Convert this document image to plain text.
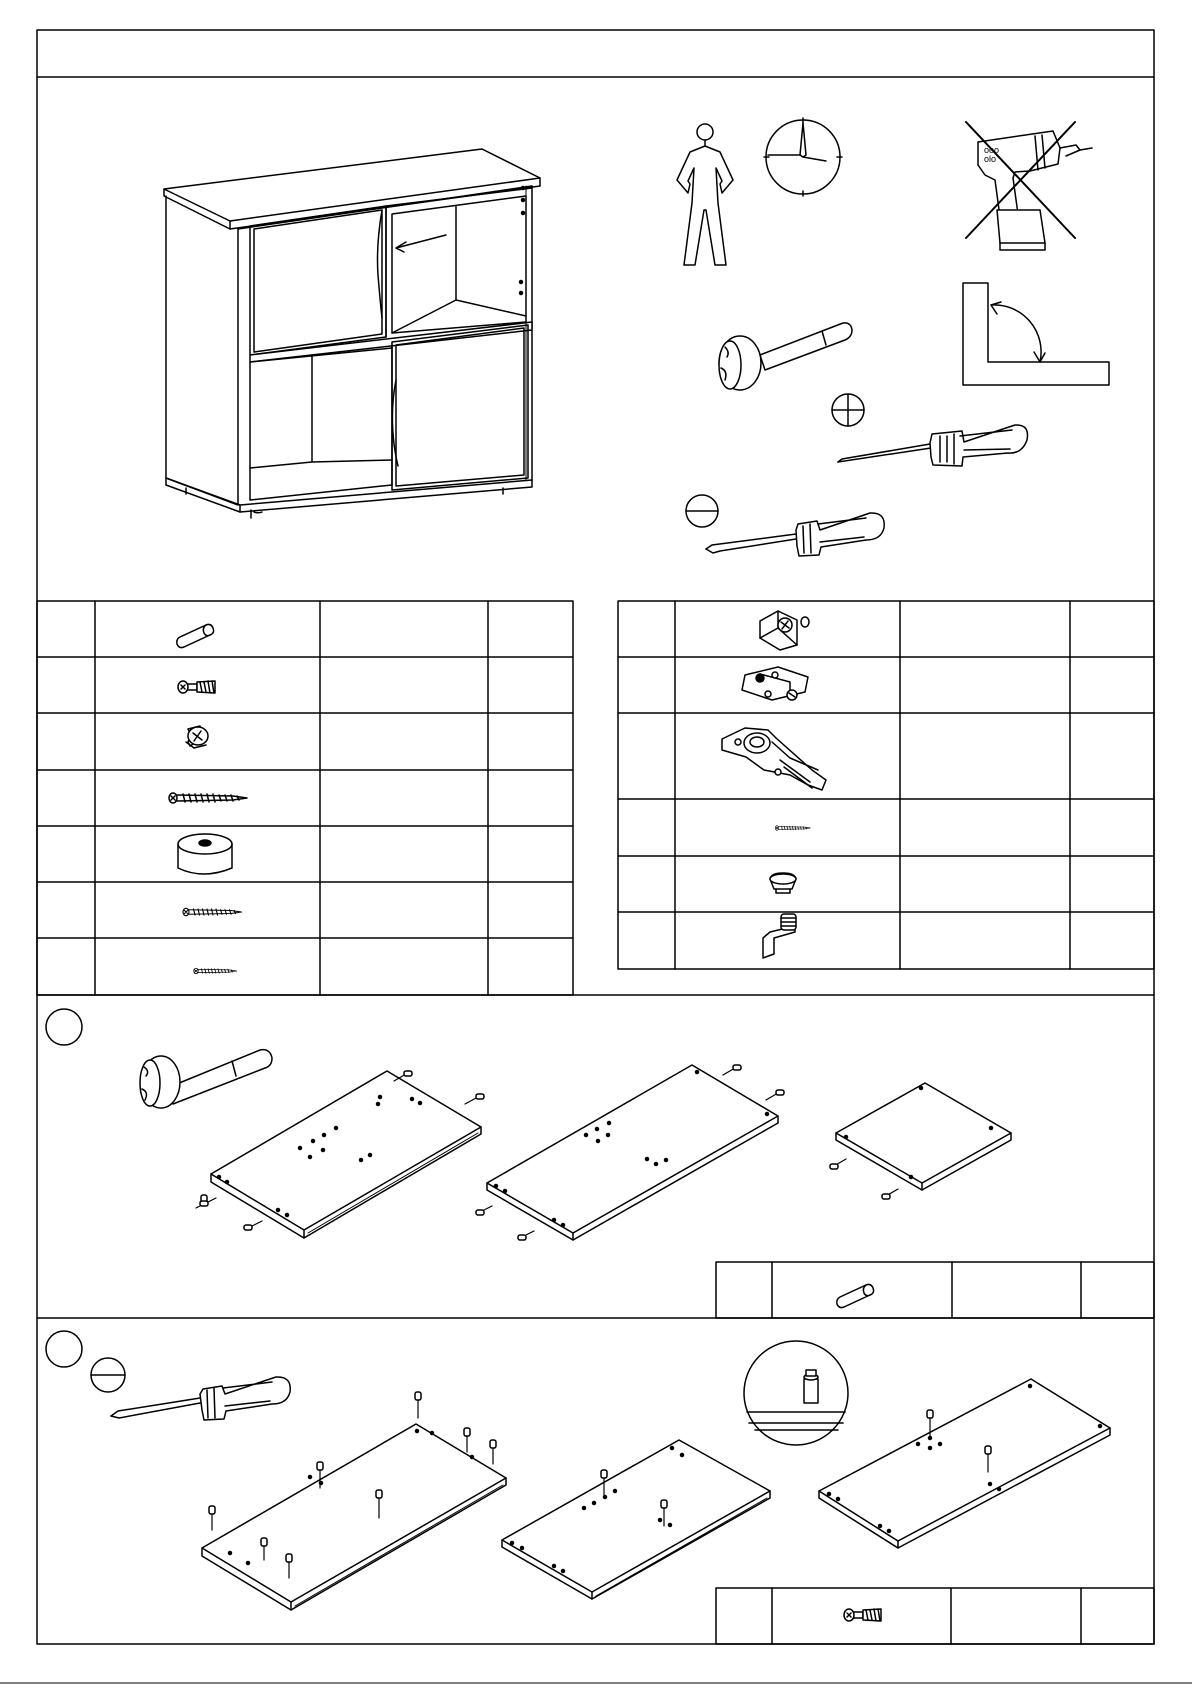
ooo
olo
